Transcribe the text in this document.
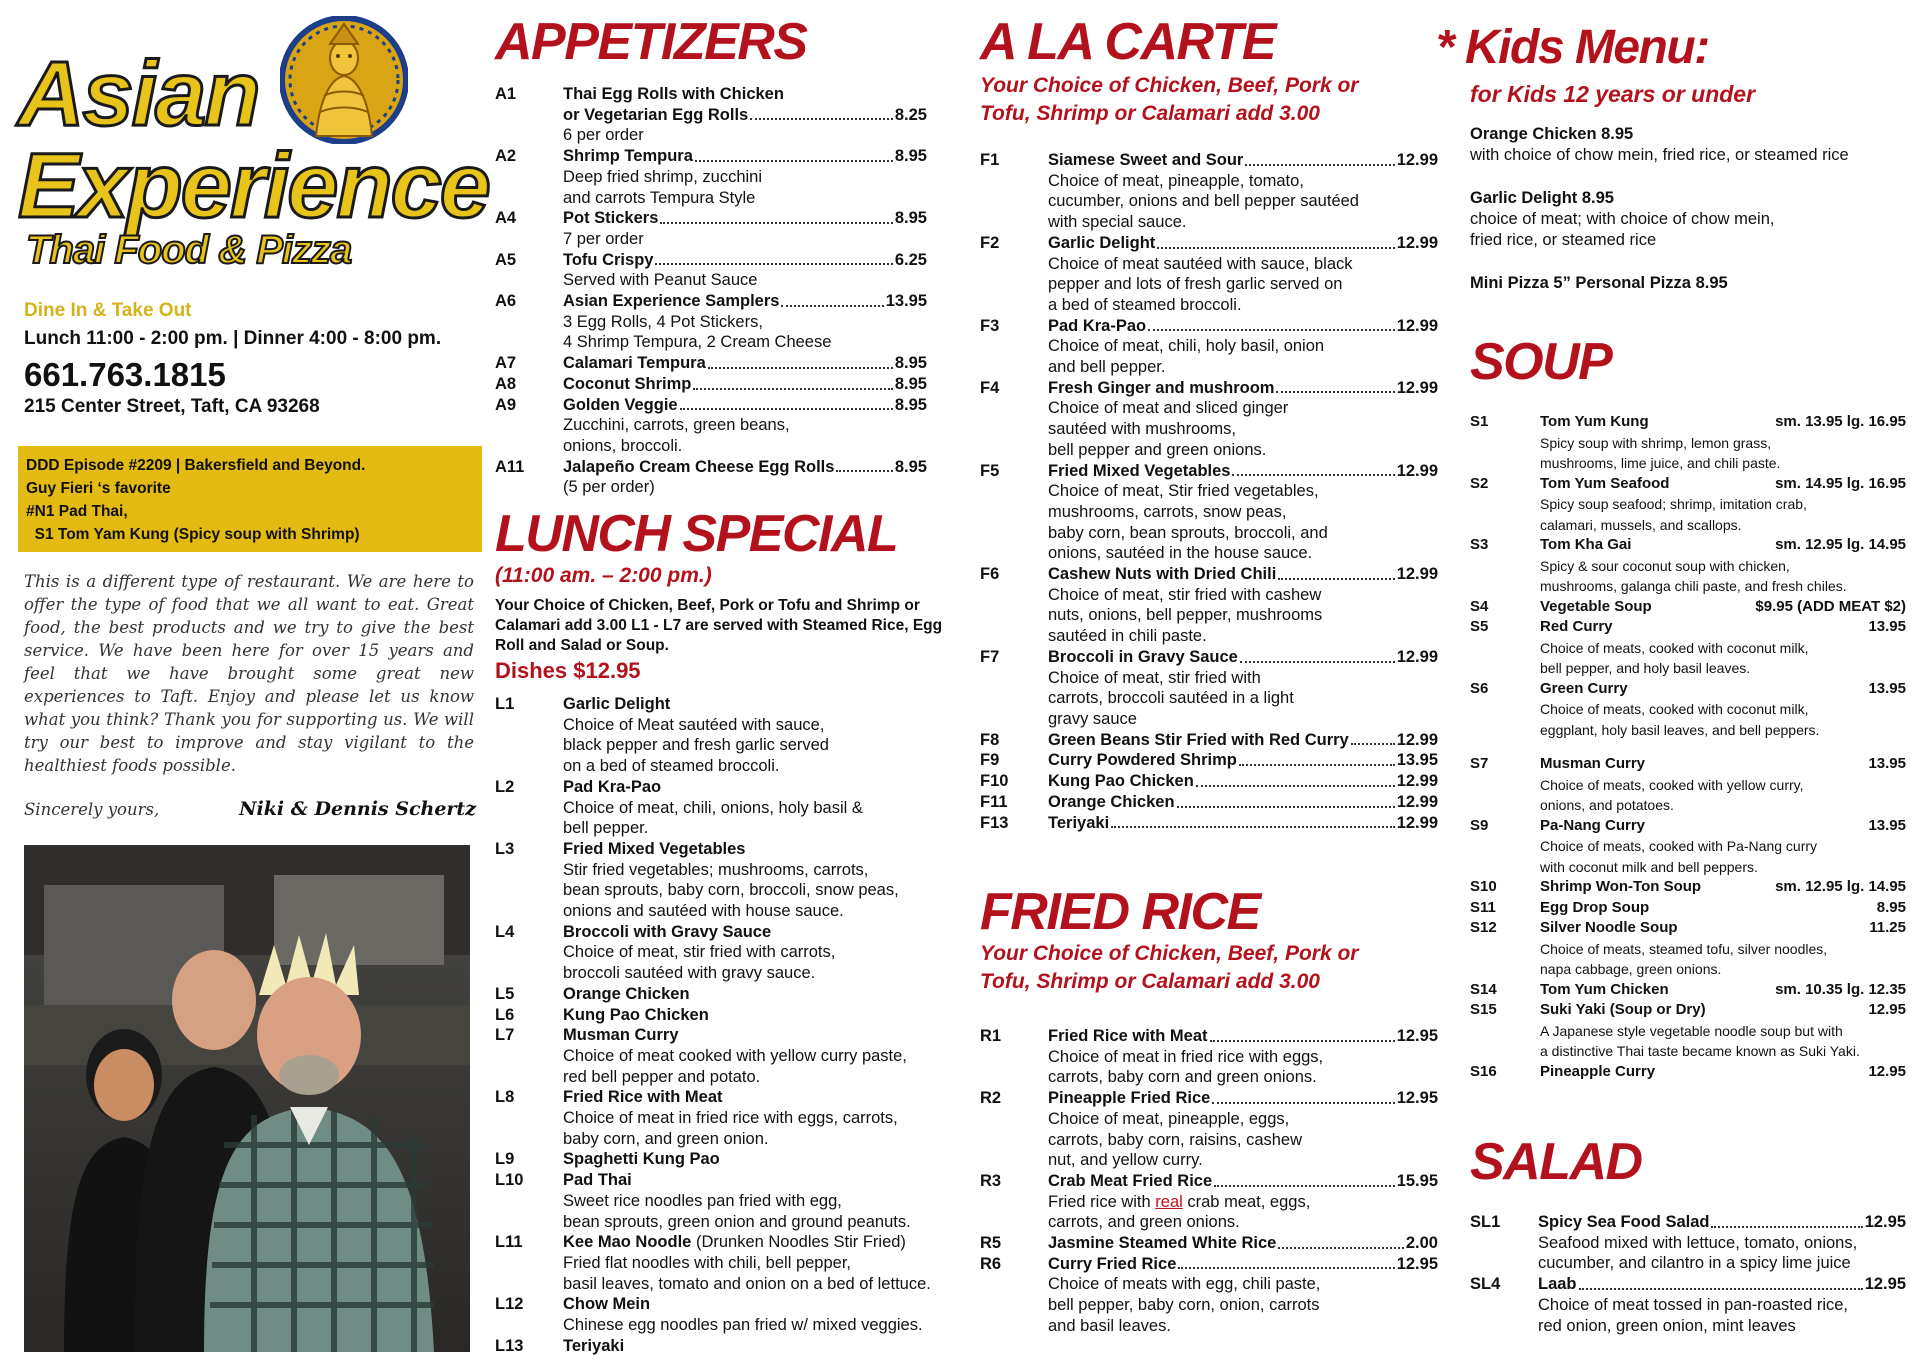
Asian
Experience
Thai Food & Pizza
Dine In & Take Out
Lunch 11:00 - 2:00 pm. | Dinner 4:00 - 8:00 pm.
661.763.1815
215 Center Street, Taft, CA 93268
DDD Episode #2209 | Bakersfield and Beyond.
Guy Fieri ‘s favorite
#N1 Pad Thai,
S1 Tom Yam Kung (Spicy soup with Shrimp)
This is a different type of restaurant. We are here to offer the type of food that we all want to eat. Great food, the best products and we try to give the best service. We have been here for over 15 years and feel that we have brought some great new experiences to Taft. Enjoy and please let us know what you think? Thank you for supporting us. We will try our best to improve and stay vigilant to the healthiest foods possible.
Sincerely yours,	Niki & Dennis Schertz
APPETIZERS
A1	Thai Egg Rolls with Chicken
or Vegetarian Egg Rolls	8.25
6 per order
A2	Shrimp Tempura	8.95
Deep fried shrimp, zucchini
and carrots Tempura Style
A4	Pot Stickers	8.95
7 per order
A5	Tofu Crispy	6.25
Served with Peanut Sauce
A6	Asian Experience Samplers	13.95
3 Egg Rolls, 4 Pot Stickers,
4 Shrimp Tempura, 2 Cream Cheese
A7	Calamari Tempura	8.95
A8	Coconut Shrimp	8.95
A9	Golden Veggie	8.95
Zucchini, carrots, green beans,
onions, broccoli.
A11	Jalapeño Cream Cheese Egg Rolls	8.95
(5 per order)
LUNCH SPECIAL
(11:00 am. – 2:00 pm.)
Your Choice of Chicken, Beef, Pork or Tofu and Shrimp or Calamari add 3.00 L1 - L7 are served with Steamed Rice, Egg Roll and Salad or Soup.
Dishes $12.95
L1	Garlic Delight
Choice of Meat sautéed with sauce,
black pepper and fresh garlic served
on a bed of steamed broccoli.
L2	Pad Kra-Pao
Choice of meat, chili, onions, holy basil &
bell pepper.
L3	Fried Mixed Vegetables
Stir fried vegetables; mushrooms, carrots,
bean sprouts, baby corn, broccoli, snow peas,
onions and sautéed with house sauce.
L4	Broccoli with Gravy Sauce
Choice of meat, stir fried with carrots,
broccoli sautéed with gravy sauce.
L5	Orange Chicken
L6	Kung Pao Chicken
L7	Musman Curry
Choice of meat cooked with yellow curry paste,
red bell pepper and potato.
L8	Fried Rice with Meat
Choice of meat in fried rice with eggs, carrots,
baby corn, and green onion.
L9	Spaghetti Kung Pao
L10	Pad Thai
Sweet rice noodles pan fried with egg,
bean sprouts, green onion and ground peanuts.
L11	Kee Mao Noodle (Drunken Noodles Stir Fried)
Fried flat noodles with chili, bell pepper,
basil leaves, tomato and onion on a bed of lettuce.
L12	Chow Mein
Chinese egg noodles pan fried w/ mixed veggies.
L13	Teriyaki
A LA CARTE
Your Choice of Chicken, Beef, Pork or
Tofu, Shrimp or Calamari add 3.00
F1	Siamese Sweet and Sour	12.99
Choice of meat, pineapple, tomato,
cucumber, onions and bell pepper sautéed
with special sauce.
F2	Garlic Delight	12.99
Choice of meat sautéed with sauce, black
pepper and lots of fresh garlic served on
a bed of steamed broccoli.
F3	Pad Kra-Pao	12.99
Choice of meat, chili, holy basil, onion
and bell pepper.
F4	Fresh Ginger and mushroom	12.99
Choice of meat and sliced ginger
sautéed with mushrooms,
bell pepper and green onions.
F5	Fried Mixed Vegetables	12.99
Choice of meat, Stir fried vegetables,
mushrooms, carrots, snow peas,
baby corn, bean sprouts, broccoli, and
onions, sautéed in the house sauce.
F6	Cashew Nuts with Dried Chili	12.99
Choice of meat, stir fried with cashew
nuts, onions, bell pepper, mushrooms
sautéed in chili paste.
F7	Broccoli in Gravy Sauce	12.99
Choice of meat, stir fried with
carrots, broccoli sautéed in a light
gravy sauce
F8	Green Beans Stir Fried with Red Curry	12.99
F9	Curry Powdered Shrimp	13.95
F10	Kung Pao Chicken	12.99
F11	Orange Chicken	12.99
F13	Teriyaki	12.99
FRIED RICE
Your Choice of Chicken, Beef, Pork or
Tofu, Shrimp or Calamari add 3.00
R1	Fried Rice with Meat	12.95
Choice of meat in fried rice with eggs,
carrots, baby corn and green onions.
R2	Pineapple Fried Rice	12.95
Choice of meat, pineapple, eggs,
carrots, baby corn, raisins, cashew
nut, and yellow curry.
R3	Crab Meat Fried Rice	15.95
Fried rice with real crab meat, eggs,
carrots, and green onions.
R5	Jasmine Steamed White Rice	2.00
R6	Curry Fried Rice	12.95
Choice of meats with egg, chili paste,
bell pepper, baby corn, onion, carrots
and basil leaves.
* Kids Menu:
for Kids 12 years or under
Orange Chicken 8.95
with choice of chow mein, fried rice, or steamed rice
Garlic Delight 8.95
choice of meat; with choice of chow mein,
fried rice, or steamed rice
Mini Pizza 5” Personal Pizza 8.95
SOUP
S1	Tom Yum Kung	sm. 13.95 lg. 16.95
Spicy soup with shrimp, lemon grass,
mushrooms, lime juice, and chili paste.
S2	Tom Yum Seafood	sm. 14.95 lg. 16.95
Spicy soup seafood; shrimp, imitation crab,
calamari, mussels, and scallops.
S3	Tom Kha Gai	sm. 12.95 lg. 14.95
Spicy & sour coconut soup with chicken,
mushrooms, galanga chili paste, and fresh chiles.
S4	Vegetable Soup	$9.95 (ADD MEAT $2)
S5	Red Curry	13.95
Choice of meats, cooked with coconut milk,
bell pepper, and holy basil leaves.
S6	Green Curry	13.95
Choice of meats, cooked with coconut milk,
eggplant, holy basil leaves, and bell peppers.
S7	Musman Curry	13.95
Choice of meats, cooked with yellow curry,
onions, and potatoes.
S9	Pa-Nang Curry	13.95
Choice of meats, cooked with Pa-Nang curry
with coconut milk and bell peppers.
S10	Shrimp Won-Ton Soup	sm. 12.95 lg. 14.95
S11	Egg Drop Soup	8.95
S12	Silver Noodle Soup	11.25
Choice of meats, steamed tofu, silver noodles,
napa cabbage, green onions.
S14	Tom Yum Chicken	sm. 10.35 lg. 12.35
S15	Suki Yaki (Soup or Dry)	12.95
A Japanese style vegetable noodle soup but with
a distinctive Thai taste became known as Suki Yaki.
S16	Pineapple Curry	12.95
SALAD
SL1	Spicy Sea Food Salad	12.95
Seafood mixed with lettuce, tomato, onions,
cucumber, and cilantro in a spicy lime juice
SL4	Laab	12.95
Choice of meat tossed in pan-roasted rice,
red onion, green onion, mint leaves
